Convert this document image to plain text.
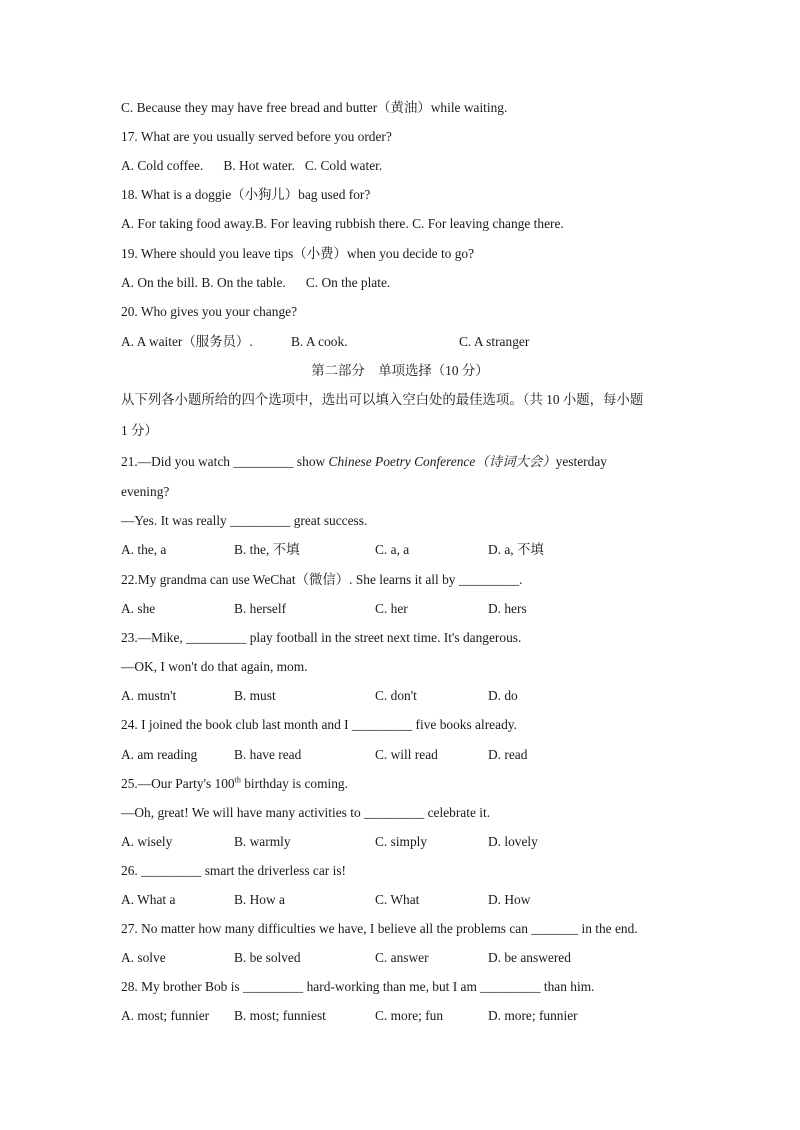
C. Because they may have free bread and butter（黄油）while waiting.
17. What are you usually served before you order?
A. Cold coffee.      B. Hot water.   C. Cold water.
18. What is a doggie（小狗儿）bag used for?
A. For taking food away.B. For leaving rubbish there. C. For leaving change there.
19. Where should you leave tips（小费）when you decide to go?
A. On the bill. B. On the table.      C. On the plate.
20. Who gives you your change?
A. A waiter（服务员）.	B. A cook.	C. A stranger
第二部分    单项选择（10 分）
从下列各小题所给的四个选项中，选出可以填入空白处的最佳选项。（共 10 小题，每小题
1 分）
21.—Did you watch _________ show Chinese Poetry Conference（诗词大会）yesterday
evening?
—Yes. It was really _________ great success.
A. the, a	B. the, 不填	C. a, a	D. a, 不填
22.My grandma can use WeChat（微信）. She learns it all by _________.
A. she	B. herself	C. her	D. hers
23.—Mike, _________ play football in the street next time. It's dangerous.
—OK, I won't do that again, mom.
A. mustn't	B. must	C. don't	D. do
24. I joined the book club last month and I _________ five books already.
A. am reading	B. have read	C. will read	D. read
25.—Our Party's 100th birthday is coming.
—Oh, great! We will have many activities to _________ celebrate it.
A. wisely	B. warmly	C. simply	D. lovely
26. _________ smart the driverless car is!
A. What a	B. How a	C. What	D. How
27. No matter how many difficulties we have, I believe all the problems can _______ in the end.
A. solve	B. be solved	C. answer	D. be answered
28. My brother Bob is _________ hard-working than me, but I am _________ than him.
A. most; funnier B. most; funniest	C. more; fun	D. more; funnier
